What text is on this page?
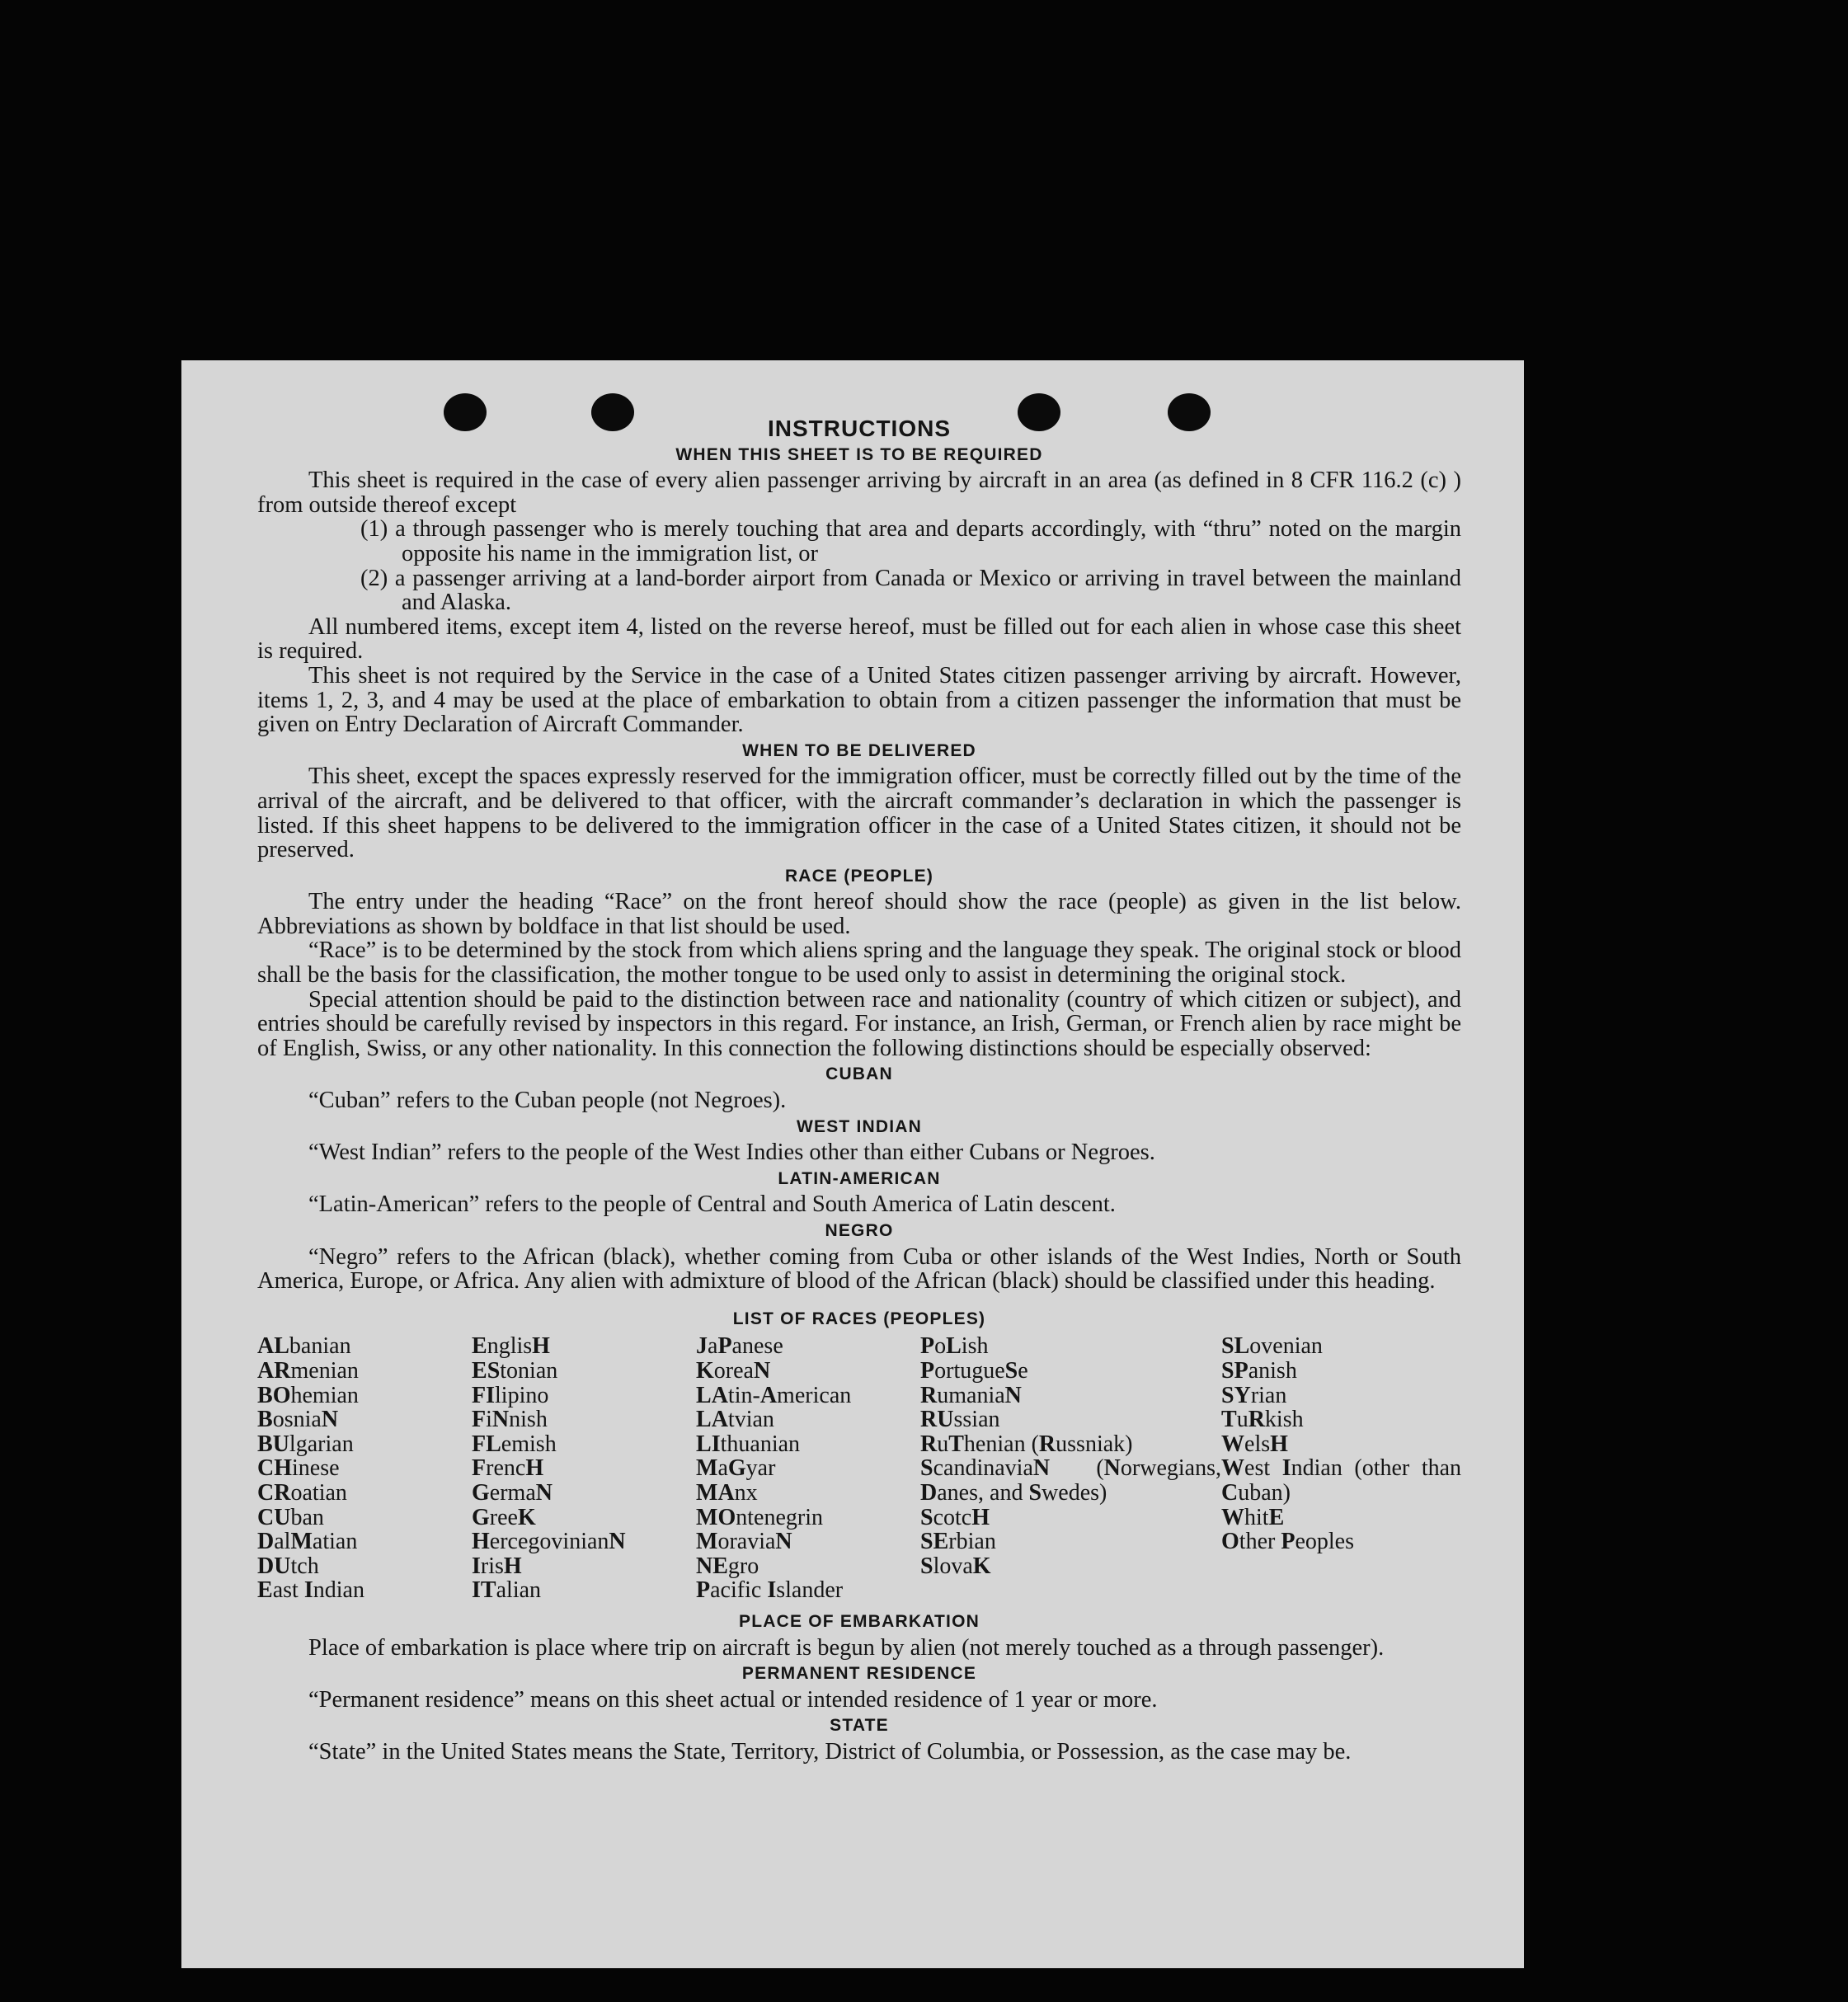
INSTRUCTIONS
WHEN THIS SHEET IS TO BE REQUIRED

This sheet is required in the case of every alien passenger arriving by aircraft in an area (as defined in 8 CFR 116.2 (c) ) from outside thereof except

(1) a through passenger who is merely touching that area and departs accordingly, with “thru” noted on the margin opposite his name in the immigration list, or

(2) a passenger arriving at a land-border airport from Canada or Mexico or arriving in travel between the mainland and Alaska.

All numbered items, except item 4, listed on the reverse hereof, must be filled out for each alien in whose case this sheet is required.

This sheet is not required by the Service in the case of a United States citizen passenger arriving by aircraft. However, items 1, 2, 3, and 4 may be used at the place of embarkation to obtain from a citizen passenger the information that must be given on Entry Declaration of Aircraft Commander.

WHEN TO BE DELIVERED

This sheet, except the spaces expressly reserved for the immigration officer, must be correctly filled out by the time of the arrival of the aircraft, and be delivered to that officer, with the aircraft commander’s declaration in which the passenger is listed. If this sheet happens to be delivered to the immigration officer in the case of a United States citizen, it should not be preserved.

RACE (PEOPLE)

The entry under the heading “Race” on the front hereof should show the race (people) as given in the list below. Abbreviations as shown by boldface in that list should be used.

“Race” is to be determined by the stock from which aliens spring and the language they speak. The original stock or blood shall be the basis for the classification, the mother tongue to be used only to assist in determining the original stock.

Special attention should be paid to the distinction between race and nationality (country of which citizen or subject), and entries should be carefully revised by inspectors in this regard. For instance, an Irish, German, or French alien by race might be of English, Swiss, or any other nationality. In this connection the following distinctions should be especially observed:

CUBAN

“Cuban” refers to the Cuban people (not Negroes).

WEST INDIAN

“West Indian” refers to the people of the West Indies other than either Cubans or Negroes.

LATIN-AMERICAN

“Latin-American” refers to the people of Central and South America of Latin descent.

NEGRO

“Negro” refers to the African (black), whether coming from Cuba or other islands of the West Indies, North or South America, Europe, or Africa. Any alien with admixture of blood of the African (black) should be classified under this heading.

LIST OF RACES (PEOPLES)
ALbanian
ARmenian
BOhemian
BosniaN
BUlgarian
CHinese
CRoatian
CUban
DalMatian
DUtch
East Indian
EnglisH
EStonian
FIlipino
FiNnish
FLemish
FrencH
GermaN
GreeK
HercegovinianN
IrisH
ITalian
JaPanese
KoreaN
LAtin-American
LAtvian
LIthuanian
MaGyar
MAnx
MOntenegrin
MoraviaN
NEgro
Pacific Islander
PoLish
PortugueSe
RumaniaN
RUssian
RuThenian (Russniak)
ScandinaviaN (Norwegians, Danes, and Swedes)
ScotcH
SErbian
SlovaK
SLovenian
SPanish
SYrian
TuRkish
WelsH
West Indian (other than Cuban)
WhitE
Other Peoples
PLACE OF EMBARKATION

Place of embarkation is place where trip on aircraft is begun by alien (not merely touched as a through passenger).

PERMANENT RESIDENCE

“Permanent residence” means on this sheet actual or intended residence of 1 year or more.

STATE

“State” in the United States means the State, Territory, District of Columbia, or Possession, as the case may be.
